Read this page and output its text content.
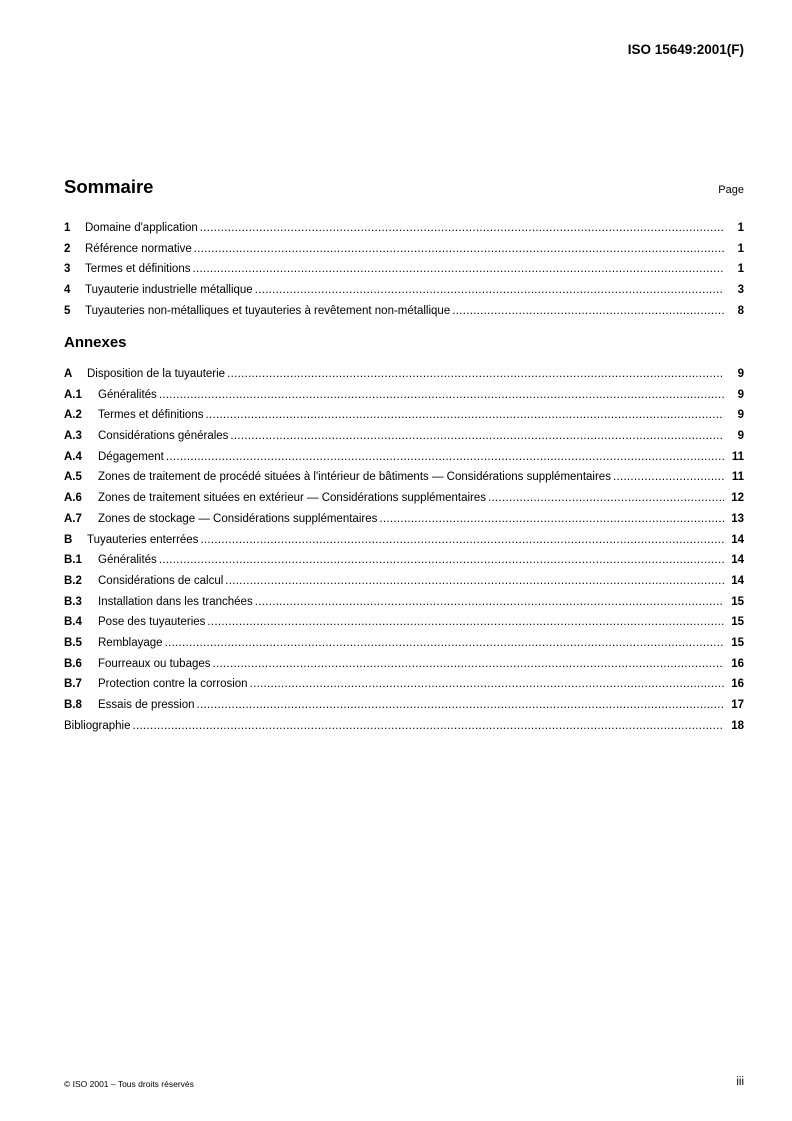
ISO 15649:2001(F)
Sommaire	Page
1	Domaine d'application .....	1
2	Référence normative .....	1
3	Termes et définitions .....	1
4	Tuyauterie industrielle métallique .....	3
5	Tuyauteries non-métalliques et tuyauteries à revêtement non-métallique .....	8
Annexes
A	Disposition de la tuyauterie .....	9
A.1	Généralités .....	9
A.2	Termes et définitions .....	9
A.3	Considérations générales .....	9
A.4	Dégagement .....	11
A.5	Zones de traitement de procédé situées à l'intérieur de bâtiments — Considérations supplémentaires .....	11
A.6	Zones de traitement situées en extérieur — Considérations supplémentaires .....	12
A.7	Zones de stockage — Considérations supplémentaires .....	13
B	Tuyauteries enterrées .....	14
B.1	Généralités .....	14
B.2	Considérations de calcul .....	14
B.3	Installation dans les tranchées .....	15
B.4	Pose des tuyauteries .....	15
B.5	Remblayage .....	15
B.6	Fourreaux ou tubages .....	16
B.7	Protection contre la corrosion .....	16
B.8	Essais de pression .....	17
Bibliographie .....	18
© ISO 2001 – Tous droits réservés	iii
